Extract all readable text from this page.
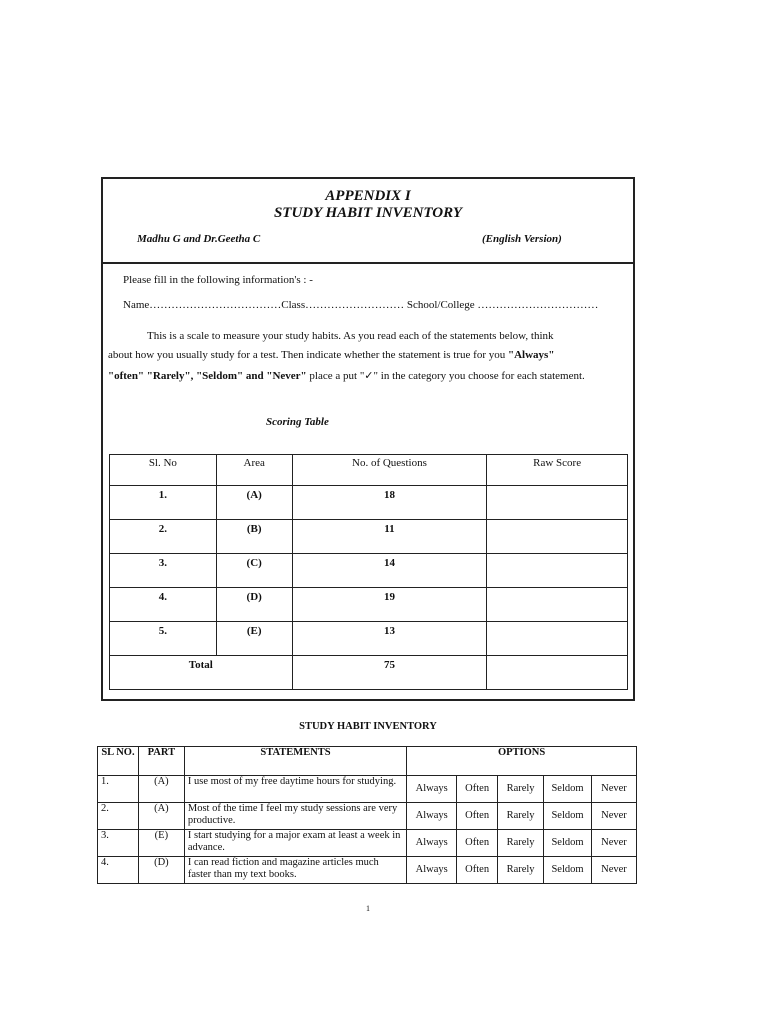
APPENDIX I
STUDY HABIT INVENTORY
Madhu G and Dr.Geetha C	(English Version)
Please fill in the following information's : -
Name………………………………Class……………………… School/College ……………………………
This is a scale to measure your study habits. As you read each of the statements below, think
about how you usually study for a test. Then indicate whether the statement is true for you "Always"
"often" "Rarely", "Seldom" and "Never" place a put "✓" in the category you choose for each statement.
Scoring Table
Sl. No	Area	No. of Questions	Raw Score
1.	(A)	18	
2.	(B)	11	
3.	(C)	14	
4.	(D)	19	
5.	(E)	13	
Total		75	
STUDY HABIT INVENTORY
SL NO.	PART	STATEMENTS	OPTIONS				
1.	(A)	I use most of my free daytime hours for studying.	Always	Often	Rarely	Seldom	Never
2.	(A)	Most of the time I feel my study sessions are very productive.	Always	Often	Rarely	Seldom	Never
3.	(E)	I start studying for a major exam at least a week in advance.	Always	Often	Rarely	Seldom	Never
4.	(D)	I can read fiction and magazine articles much faster than my text books.	Always	Often	Rarely	Seldom	Never
1
